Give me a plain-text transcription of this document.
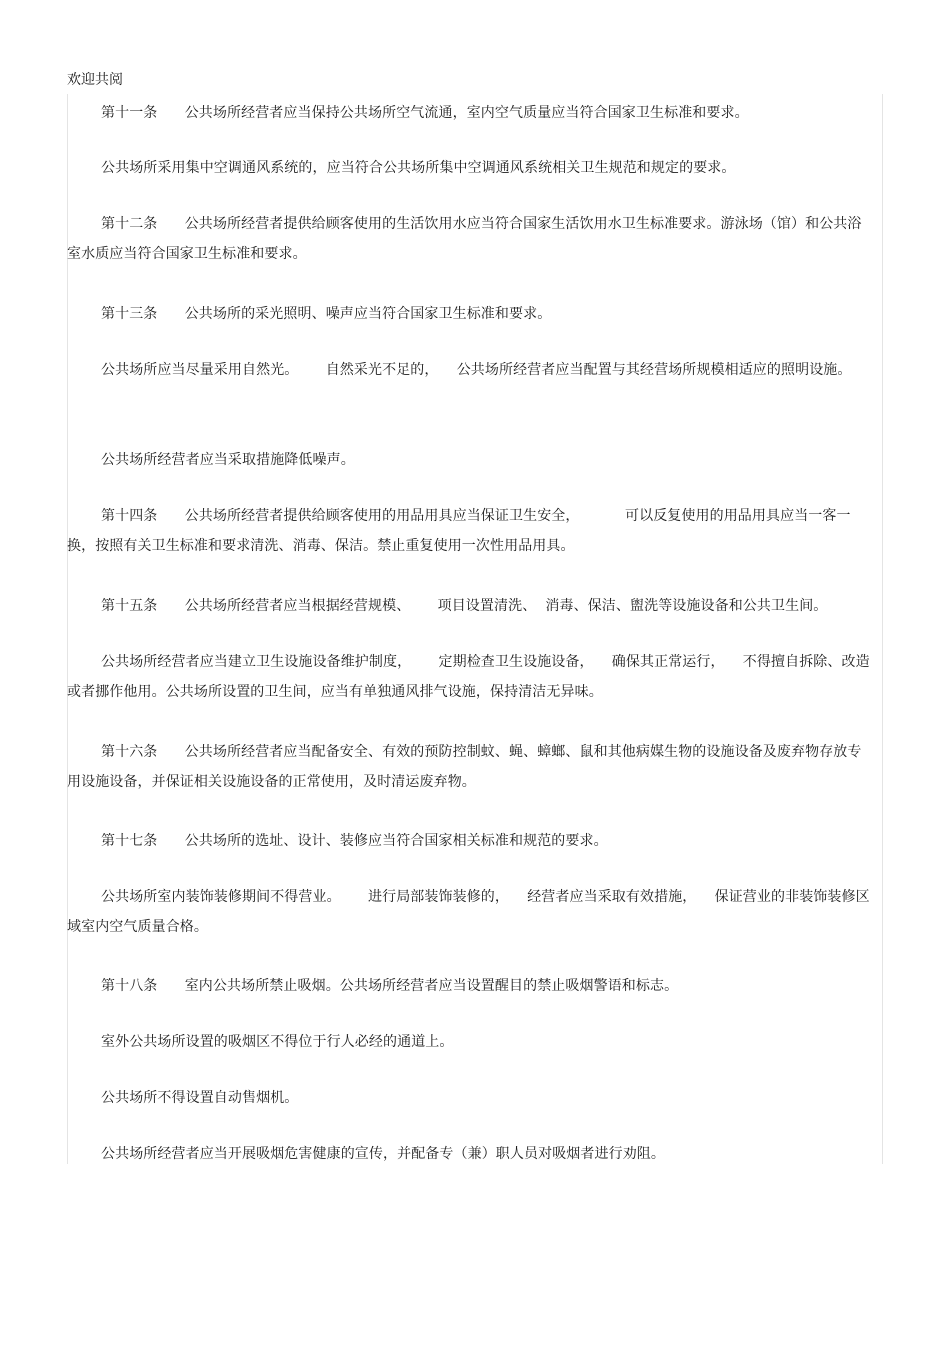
欢迎共阅

第十一条      公共场所经营者应当保持公共场所空气流通，室内空气质量应当符合国家卫生标准和要求。

公共场所采用集中空调通风系统的，应当符合公共场所集中空调通风系统相关卫生规范和规定的要求。

第十二条      公共场所经营者提供给顾客使用的生活饮用水应当符合国家生活饮用水卫生标准要求。游泳场（馆）和公共浴室水质应当符合国家卫生标准和要求。

第十三条      公共场所的采光照明、噪声应当符合国家卫生标准和要求。

公共场所应当尽量采用自然光。      自然采光不足的，    公共场所经营者应当配置与其经营场所规模相适应的照明设施。

公共场所经营者应当采取措施降低噪声。

第十四条      公共场所经营者提供给顾客使用的用品用具应当保证卫生安全，          可以反复使用的用品用具应当一客一换，按照有关卫生标准和要求清洗、消毒、保洁。禁止重复使用一次性用品用具。

第十五条      公共场所经营者应当根据经营规模、      项目设置清洗、  消毒、保洁、盥洗等设施设备和公共卫生间。

公共场所经营者应当建立卫生设施设备维护制度，      定期检查卫生设施设备，    确保其正常运行，    不得擅自拆除、改造或者挪作他用。公共场所设置的卫生间，应当有单独通风排气设施，保持清洁无异味。

第十六条      公共场所经营者应当配备安全、有效的预防控制蚊、蝇、蟑螂、鼠和其他病媒生物的设施设备及废弃物存放专用设施设备，并保证相关设施设备的正常使用，及时清运废弃物。

第十七条      公共场所的选址、设计、装修应当符合国家相关标准和规范的要求。

公共场所室内装饰装修期间不得营业。      进行局部装饰装修的，    经营者应当采取有效措施，    保证营业的非装饰装修区域室内空气质量合格。

第十八条      室内公共场所禁止吸烟。公共场所经营者应当设置醒目的禁止吸烟警语和标志。

室外公共场所设置的吸烟区不得位于行人必经的通道上。

公共场所不得设置自动售烟机。

公共场所经营者应当开展吸烟危害健康的宣传，并配备专（兼）职人员对吸烟者进行劝阻。
